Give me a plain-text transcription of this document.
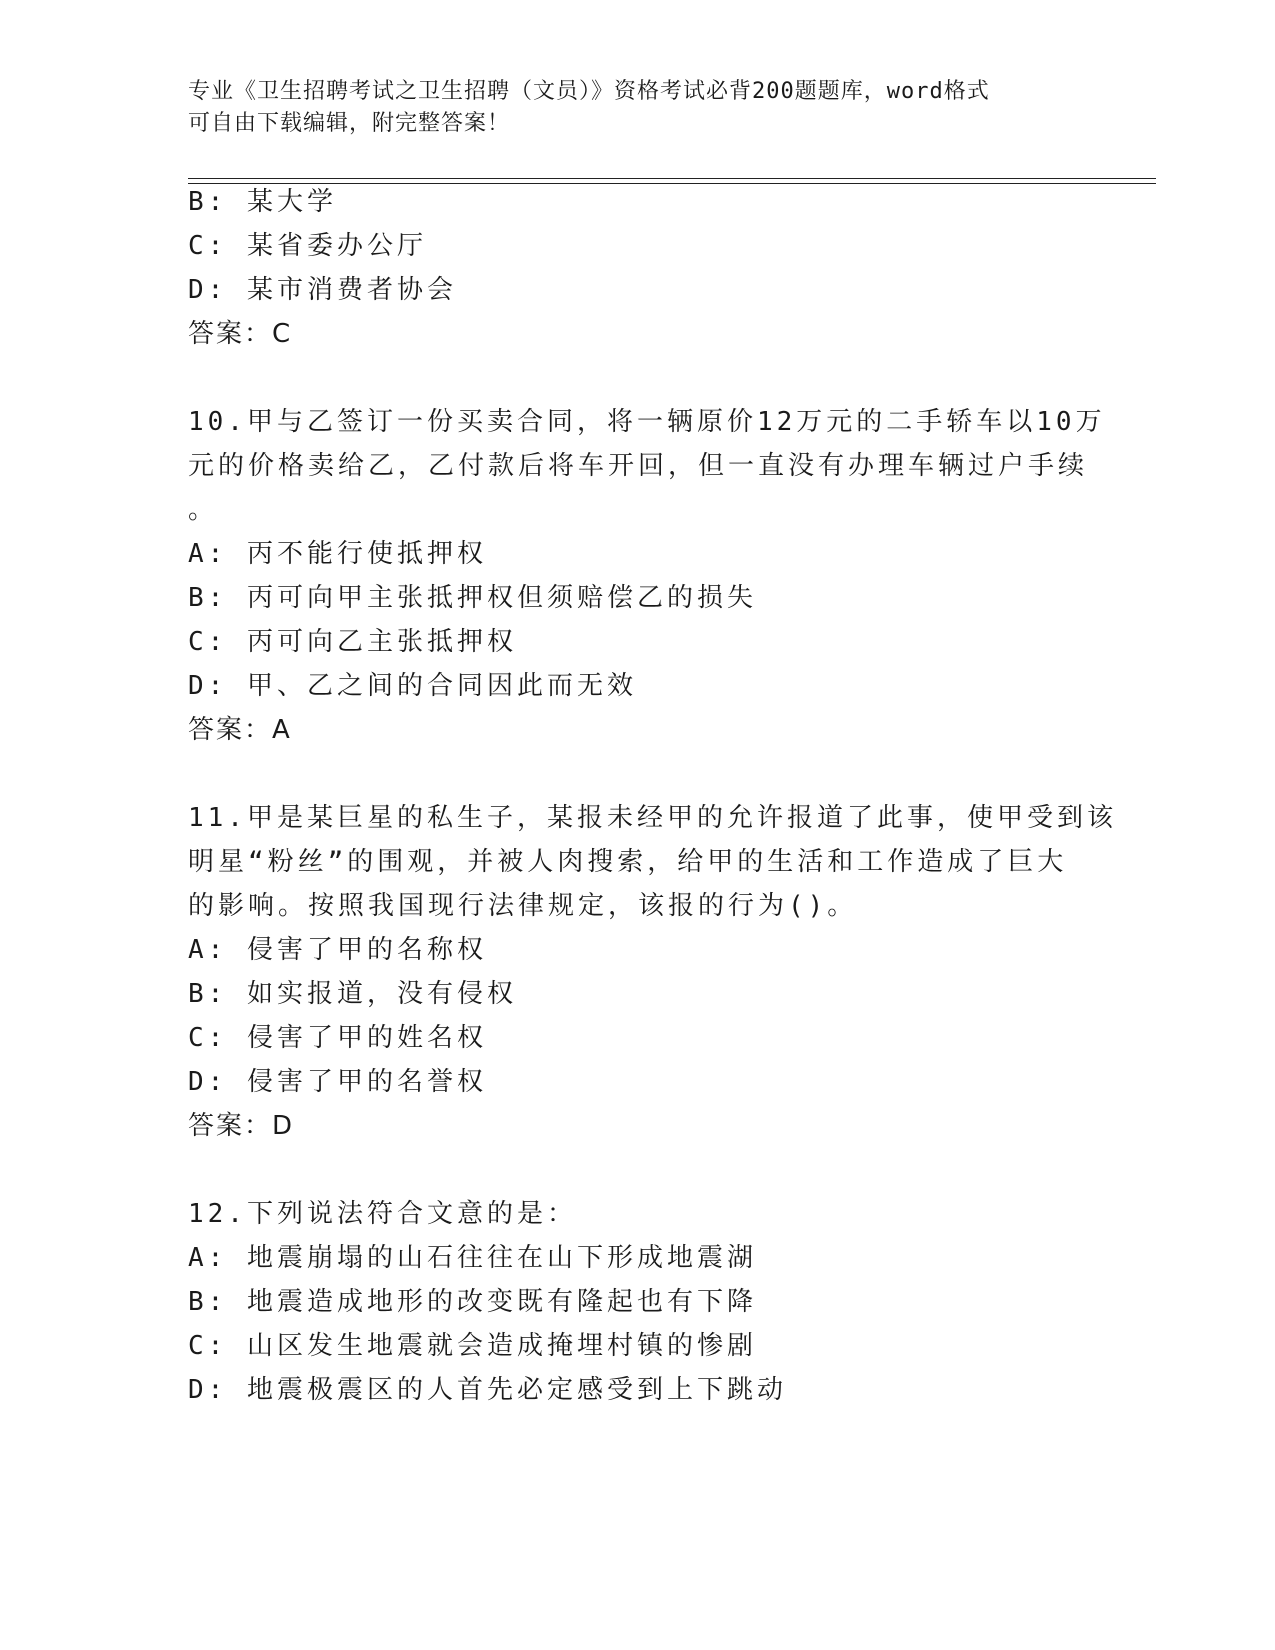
专业《卫生招聘考试之卫生招聘（文员）》资格考试必背200题题库，word格式
可自由下载编辑，附完整答案！
B: 某大学
C: 某省委办公厅
D: 某市消费者协会
答案：C
10.甲与乙签订一份买卖合同，将一辆原价12万元的二手轿车以10万
元的价格卖给乙，乙付款后将车开回，但一直没有办理车辆过户手续
。
A: 丙不能行使抵押权
B: 丙可向甲主张抵押权但须赔偿乙的损失
C: 丙可向乙主张抵押权
D: 甲、乙之间的合同因此而无效
答案：A
11.甲是某巨星的私生子，某报未经甲的允许报道了此事，使甲受到该
明星“粉丝”的围观，并被人肉搜索，给甲的生活和工作造成了巨大
的影响。按照我国现行法律规定，该报的行为()。
A: 侵害了甲的名称权
B: 如实报道，没有侵权
C: 侵害了甲的姓名权
D: 侵害了甲的名誉权
答案：D
12.下列说法符合文意的是：
A: 地震崩塌的山石往往在山下形成地震湖
B: 地震造成地形的改变既有隆起也有下降
C: 山区发生地震就会造成掩埋村镇的惨剧
D: 地震极震区的人首先必定感受到上下跳动
